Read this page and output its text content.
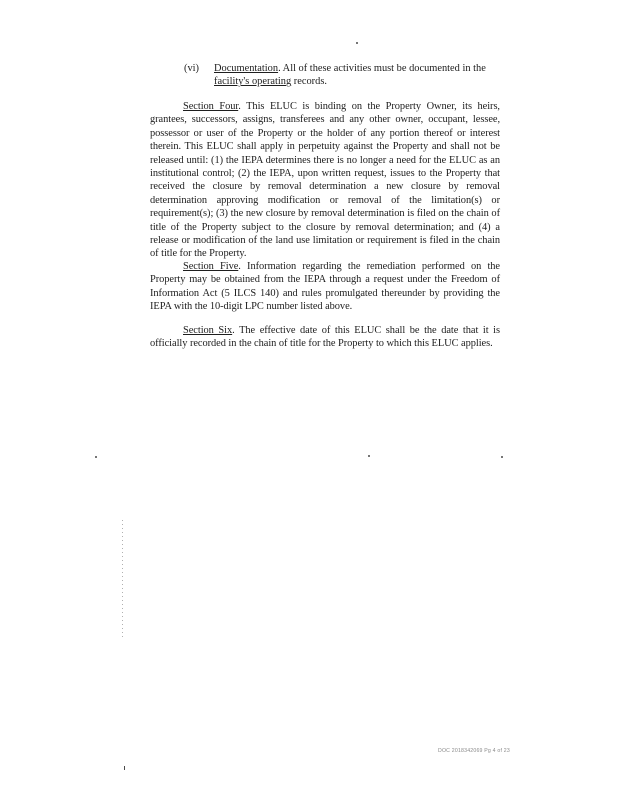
(vi) Documentation. All of these activities must be documented in the facility's operating records.
Section Four. This ELUC is binding on the Property Owner, its heirs, grantees, successors, assigns, transferees and any other owner, occupant, lessee, possessor or user of the Property or the holder of any portion thereof or interest therein. This ELUC shall apply in perpetuity against the Property and shall not be released until: (1) the IEPA determines there is no longer a need for the ELUC as an institutional control; (2) the IEPA, upon written request, issues to the Property that received the closure by removal determination a new closure by removal determination approving modification or removal of the limitation(s) or requirement(s); (3) the new closure by removal determination is filed on the chain of title of the Property subject to the closure by removal determination; and (4) a release or modification of the land use limitation or requirement is filed in the chain of title for the Property.
Section Five. Information regarding the remediation performed on the Property may be obtained from the IEPA through a request under the Freedom of Information Act (5 ILCS 140) and rules promulgated thereunder by providing the IEPA with the 10-digit LPC number listed above.
Section Six. The effective date of this ELUC shall be the date that it is officially recorded in the chain of title for the Property to which this ELUC applies.
DOC 2018342069 Pg 4 of 23
